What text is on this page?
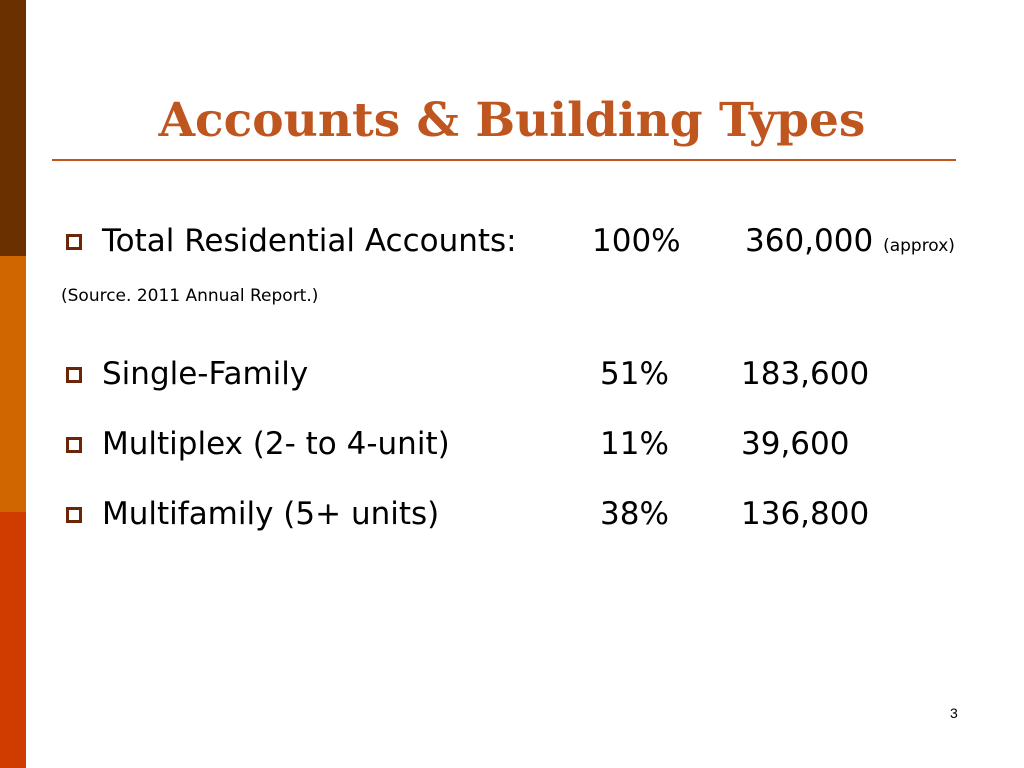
Accounts & Building Types
Total Residential Accounts: 100% 360,000 (approx)
(Source. 2011 Annual Report.)
Single-Family	51% 183,600
Multiplex (2- to 4-unit)	11% 39,600
Multifamily (5+ units)	38% 136,800
3
